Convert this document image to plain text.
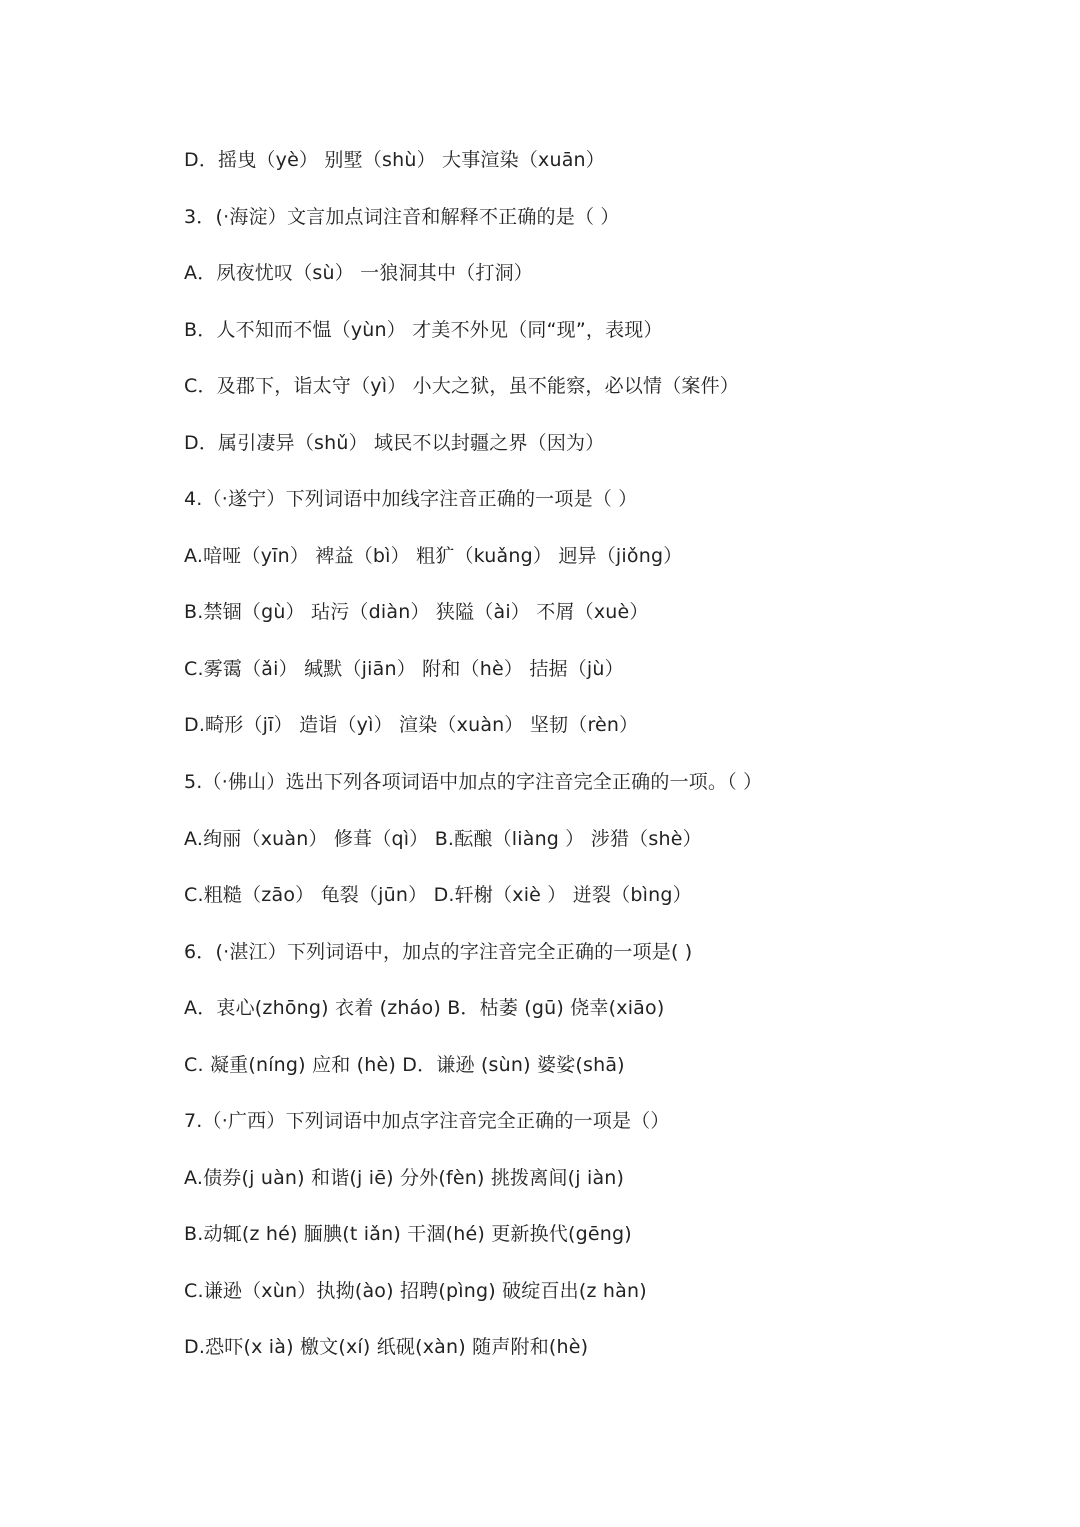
D．摇曳（yè） 别墅（shù） 大事渲染（xuān）
3．(·海淀）文言加点词注音和解释不正确的是（ ）
A．夙夜忧叹（sù） 一狼洞其中（打洞）
B．人不知而不愠（yùn） 才美不外见（同“现”，表现）
C．及郡下，诣太守（yì） 小大之狱，虽不能察，必以情（案件）
D．属引凄异（shǔ） 域民不以封疆之界（因为）
4.（·遂宁）下列词语中加线字注音正确的一项是（ ）
A.喑哑（yīn） 裨益（bì） 粗犷（kuǎng） 迥异（jiǒng）
B.禁锢（gù） 玷污（diàn） 狭隘（ài） 不屑（xuè）
C.雾霭（ǎi） 缄默（jiān） 附和（hè） 拮据（jù）
D.畸形（jī） 造诣（yì） 渲染（xuàn） 坚韧（rèn）
5.（·佛山）选出下列各项词语中加点的字注音完全正确的一项。（ ）
A.绚丽（xuàn） 修葺（qì） B.酝酿（liàng ） 涉猎（shè）
C.粗糙（zāo） 龟裂（jūn） D.轩榭（xiè ） 迸裂（bìng）
6．(·湛江）下列词语中，加点的字注音完全正确的一项是( )
A．衷心(zhōng) 衣着 (zháo) B．枯萎 (gū) 侥幸(xiāo)
C. 凝重(níng) 应和 (hè) D．谦逊 (sùn) 婆娑(shā)
7.（·广西）下列词语中加点字注音完全正确的一项是（）
A.债券(j uàn) 和谐(j iē) 分外(fèn) 挑拨离间(j iàn)
B.动辄(z hé) 腼腆(t iǎn) 干涸(hé) 更新换代(gēng)
C.谦逊（xùn）执拗(ào) 招聘(pìng) 破绽百出(z hàn)
D.恐吓(x ià) 檄文(xí) 纸砚(xàn) 随声附和(hè)
